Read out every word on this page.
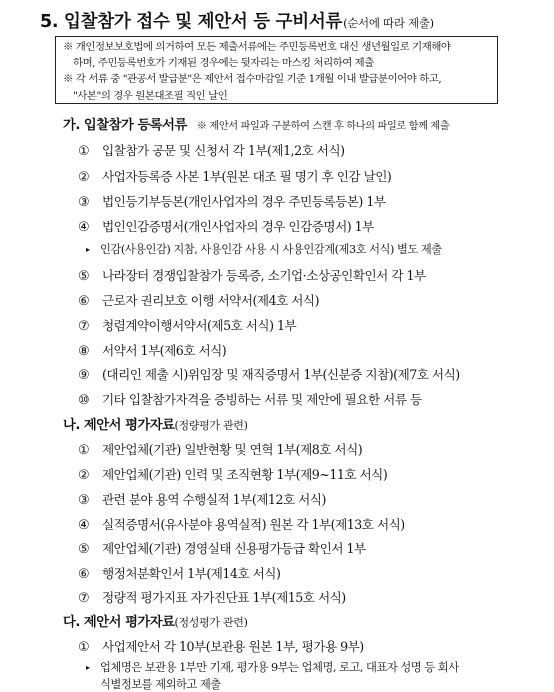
5. 입찰참가 접수 및 제안서 등 구비서류(순서에 따라 제출)
※ 개인정보보호법에 의거하여 모든 제출서류에는 주민등록번호 대신 생년월일로 기재해야
하며, 주민등록번호가 기재된 경우에는 뒷자리는 마스킹 처리하여 제출
※ 각 서류 중 "관공서 발급분"은 제안서 접수마감일 기준 1개월 이내 발급분이어야 하고,
"사본"의 경우 원본대조필 직인 날인
가. 입찰참가 등록서류 ※ 제안서 파일과 구분하여 스캔 후 하나의 파일로 함께 제출
① 입찰참가 공문 및 신청서 각 1부(제1,2호 서식)
② 사업자등록증 사본 1부(원본 대조 필 명기 후 인감 날인)
③ 법인등기부등본(개인사업자의 경우 주민등록등본) 1부
④ 법인인감증명서(개인사업자의 경우 인감증명서) 1부
▸ 인감(사용인감) 지참, 사용인감 사용 시 사용인감계(제3호 서식) 별도 제출
⑤ 나라장터 경쟁입찰참가 등록증, 소기업·소상공인확인서 각 1부
⑥ 근로자 권리보호 이행 서약서(제4호 서식)
⑦ 청렴계약이행서약서(제5호 서식) 1부
⑧ 서약서 1부(제6호 서식)
⑨ (대리인 제출 시)위임장 및 재직증명서 1부(신분증 지참)(제7호 서식)
⑩ 기타 입찰참가자격을 증빙하는 서류 및 제안에 필요한 서류 등
나. 제안서 평가자료(정량평가 관련)
① 제안업체(기관) 일반현황 및 연혁 1부(제8호 서식)
② 제안업체(기관) 인력 및 조직현황 1부(제9~11호 서식)
③ 관련 분야 용역 수행실적 1부(제12호 서식)
④ 실적증명서(유사분야 용역실적) 원본 각 1부(제13호 서식)
⑤ 제안업체(기관) 경영실태 신용평가등급 확인서 1부
⑥ 행정처분확인서 1부(제14호 서식)
⑦ 정량적 평가지표 자가진단표 1부(제15호 서식)
다. 제안서 평가자료(정성평가 관련)
① 사업제안서 각 10부(보관용 원본 1부, 평가용 9부)
▸ 업체명은 보관용 1부만 기재, 평가용 9부는 업체명, 로고, 대표자 성명 등 회사
식별정보를 제외하고 제출
